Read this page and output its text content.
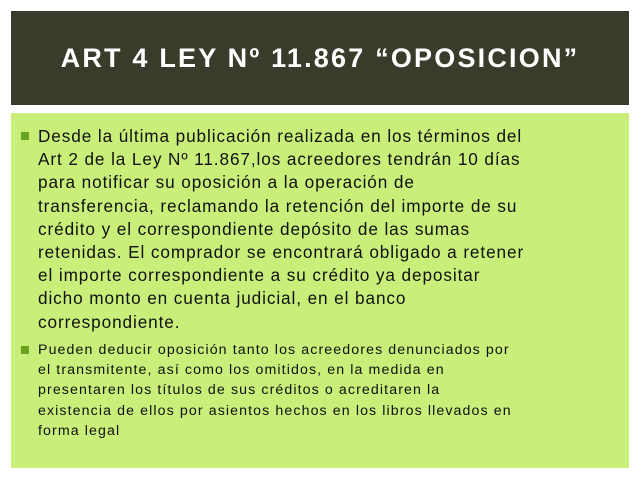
ART 4 LEY Nº 11.867 “OPOSICION”
Desde la última publicación realizada en los términos del
Art 2 de la Ley Nº 11.867,los acreedores tendrán 10 días
para notificar su oposición a la operación de
transferencia, reclamando la retención del importe de su
crédito y el correspondiente depósito de las sumas
retenidas. El comprador se encontrará obligado a retener
el importe correspondiente a su crédito ya depositar
dicho monto en cuenta judicial, en el banco
correspondiente.
Pueden deducir oposición tanto los acreedores denunciados por
el transmitente, así como los omitidos, en la medida en
presentaren los títulos de sus créditos o acreditaren la
existencia de ellos por asientos hechos en los libros llevados en
forma legal
